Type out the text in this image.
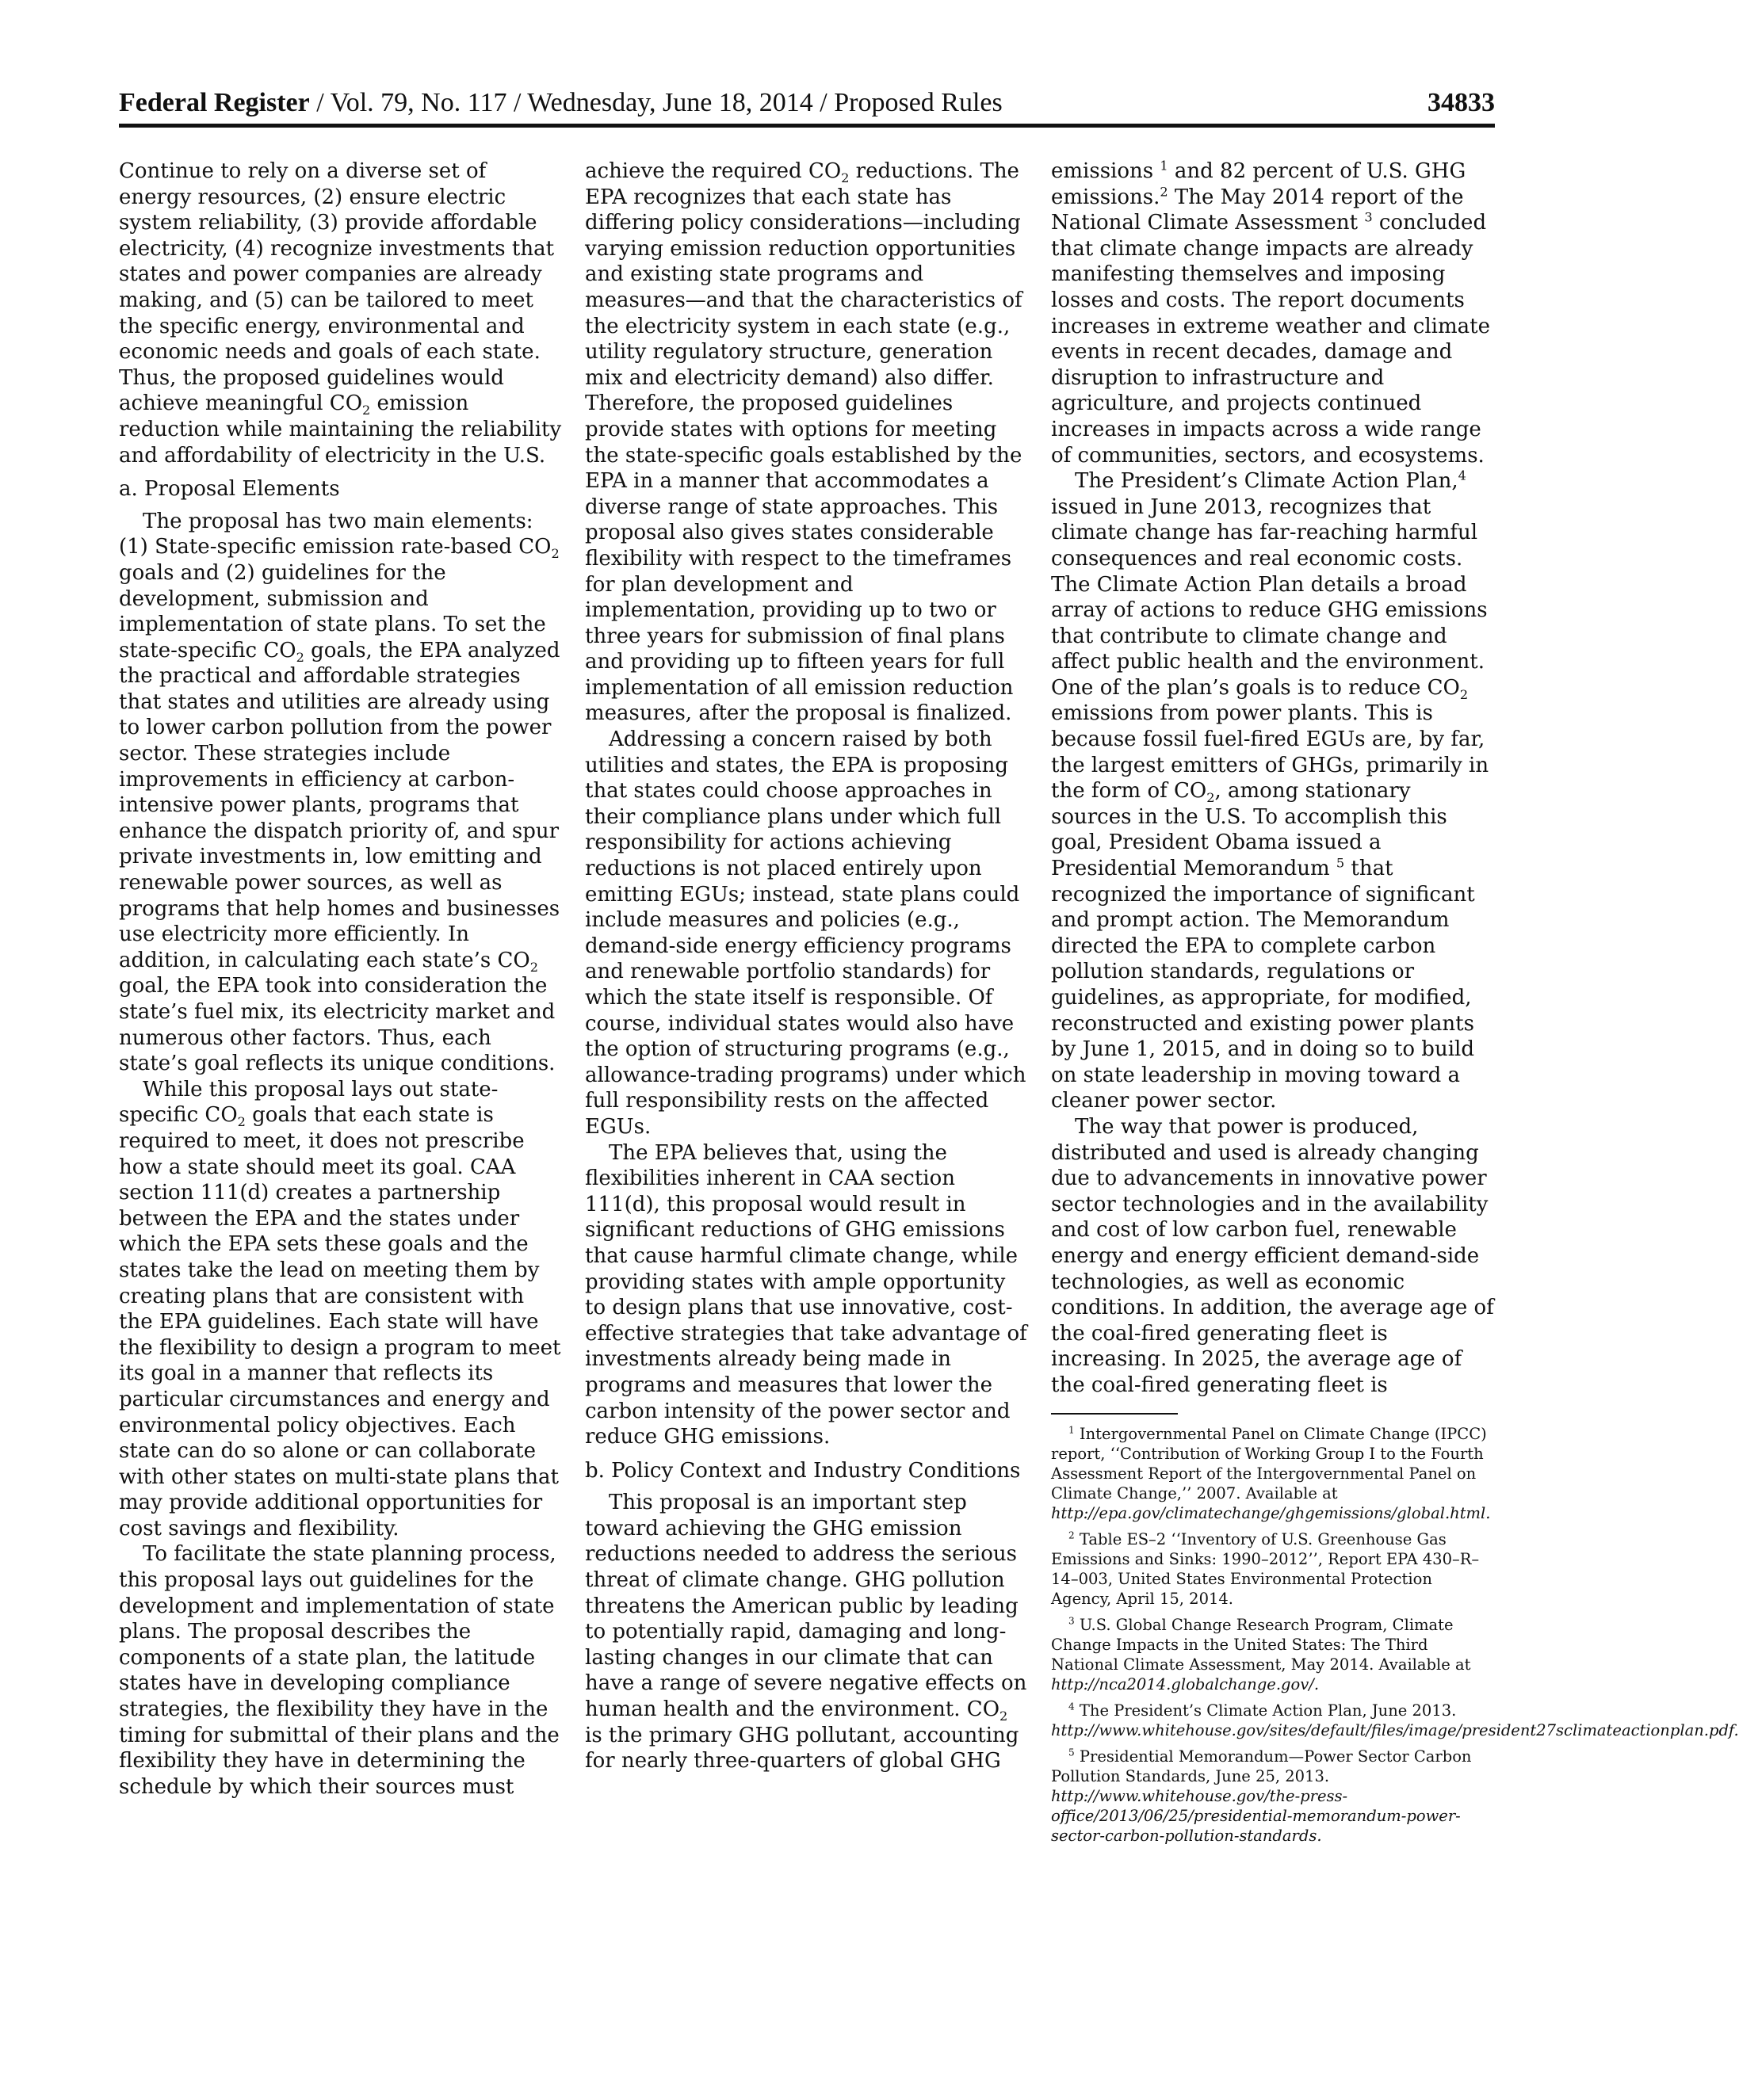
Federal Register / Vol. 79, No. 117 / Wednesday, June 18, 2014 / Proposed Rules	34833

Continue to rely on a diverse set of energy resources, (2) ensure electric system reliability, (3) provide affordable electricity, (4) recognize investments that states and power companies are already making, and (5) can be tailored to meet the specific energy, environmental and economic needs and goals of each state. Thus, the proposed guidelines would achieve meaningful $CO_2$ emission reduction while maintaining the reliability and affordability of electricity in the U.S.

a. Proposal Elements

The proposal has two main elements: (1) State-specific emission rate-based $CO_2$ goals and (2) guidelines for the development, submission and implementation of state plans. To set the state-specific $CO_2$ goals, the EPA analyzed the practical and affordable strategies that states and utilities are already using to lower carbon pollution from the power sector. These strategies include improvements in efficiency at carbon-intensive power plants, programs that enhance the dispatch priority of, and spur private investments in, low emitting and renewable power sources, as well as programs that help homes and businesses use electricity more efficiently. In addition, in calculating each state’s $CO_2$ goal, the EPA took into consideration the state’s fuel mix, its electricity market and numerous other factors. Thus, each state’s goal reflects its unique conditions.

While this proposal lays out state-specific $CO_2$ goals that each state is required to meet, it does not prescribe how a state should meet its goal. CAA section 111(d) creates a partnership between the EPA and the states under which the EPA sets these goals and the states take the lead on meeting them by creating plans that are consistent with the EPA guidelines. Each state will have the flexibility to design a program to meet its goal in a manner that reflects its particular circumstances and energy and environmental policy objectives. Each state can do so alone or can collaborate with other states on multi-state plans that may provide additional opportunities for cost savings and flexibility.

To facilitate the state planning process, this proposal lays out guidelines for the development and implementation of state plans. The proposal describes the components of a state plan, the latitude states have in developing compliance strategies, the flexibility they have in the timing for submittal of their plans and the flexibility they have in determining the schedule by which their sources must

achieve the required $CO_2$ reductions. The EPA recognizes that each state has differing policy considerations—including varying emission reduction opportunities and existing state programs and measures—and that the characteristics of the electricity system in each state (e.g., utility regulatory structure, generation mix and electricity demand) also differ. Therefore, the proposed guidelines provide states with options for meeting the state-specific goals established by the EPA in a manner that accommodates a diverse range of state approaches. This proposal also gives states considerable flexibility with respect to the timeframes for plan development and implementation, providing up to two or three years for submission of final plans and providing up to fifteen years for full implementation of all emission reduction measures, after the proposal is finalized.

Addressing a concern raised by both utilities and states, the EPA is proposing that states could choose approaches in their compliance plans under which full responsibility for actions achieving reductions is not placed entirely upon emitting EGUs; instead, state plans could include measures and policies (e.g., demand-side energy efficiency programs and renewable portfolio standards) for which the state itself is responsible. Of course, individual states would also have the option of structuring programs (e.g., allowance-trading programs) under which full responsibility rests on the affected EGUs.

The EPA believes that, using the flexibilities inherent in CAA section 111(d), this proposal would result in significant reductions of GHG emissions that cause harmful climate change, while providing states with ample opportunity to design plans that use innovative, cost-effective strategies that take advantage of investments already being made in programs and measures that lower the carbon intensity of the power sector and reduce GHG emissions.

b. Policy Context and Industry Conditions

This proposal is an important step toward achieving the GHG emission reductions needed to address the serious threat of climate change. GHG pollution threatens the American public by leading to potentially rapid, damaging and long-lasting changes in our climate that can have a range of severe negative effects on human health and the environment. $CO_2$ is the primary GHG pollutant, accounting for nearly three-quarters of global GHG

emissions $^1$ and 82 percent of U.S. GHG emissions.$^2$ The May 2014 report of the National Climate Assessment $^3$ concluded that climate change impacts are already manifesting themselves and imposing losses and costs. The report documents increases in extreme weather and climate events in recent decades, damage and disruption to infrastructure and agriculture, and projects continued increases in impacts across a wide range of communities, sectors, and ecosystems.

The President’s Climate Action Plan,$^4$ issued in June 2013, recognizes that climate change has far-reaching harmful consequences and real economic costs. The Climate Action Plan details a broad array of actions to reduce GHG emissions that contribute to climate change and affect public health and the environment. One of the plan’s goals is to reduce $CO_2$ emissions from power plants. This is because fossil fuel-fired EGUs are, by far, the largest emitters of GHGs, primarily in the form of $CO_2$, among stationary sources in the U.S. To accomplish this goal, President Obama issued a Presidential Memorandum $^5$ that recognized the importance of significant and prompt action. The Memorandum directed the EPA to complete carbon pollution standards, regulations or guidelines, as appropriate, for modified, reconstructed and existing power plants by June 1, 2015, and in doing so to build on state leadership in moving toward a cleaner power sector.

The way that power is produced, distributed and used is already changing due to advancements in innovative power sector technologies and in the availability and cost of low carbon fuel, renewable energy and energy efficient demand-side technologies, as well as economic conditions. In addition, the average age of the coal-fired generating fleet is increasing. In 2025, the average age of the coal-fired generating fleet is

$^1$ Intergovernmental Panel on Climate Change (IPCC) report, ‘‘Contribution of Working Group I to the Fourth Assessment Report of the Intergovernmental Panel on Climate Change,’’ 2007. Available at http://epa.gov/climatechange/ghgemissions/global.html.

$^2$ Table ES–2 ‘‘Inventory of U.S. Greenhouse Gas Emissions and Sinks: 1990–2012’’, Report EPA 430–R–14–003, United States Environmental Protection Agency, April 15, 2014.

$^3$ U.S. Global Change Research Program, Climate Change Impacts in the United States: The Third National Climate Assessment, May 2014. Available at http://nca2014.globalchange.gov/.

$^4$ The President’s Climate Action Plan, June 2013. http://www.whitehouse.gov/sites/default/files/image/president27sclimateactionplan.pdf.

$^5$ Presidential Memorandum—Power Sector Carbon Pollution Standards, June 25, 2013. http://www.whitehouse.gov/the-press-office/2013/06/25/presidential-memorandum-power-sector-carbon-pollution-standards.
